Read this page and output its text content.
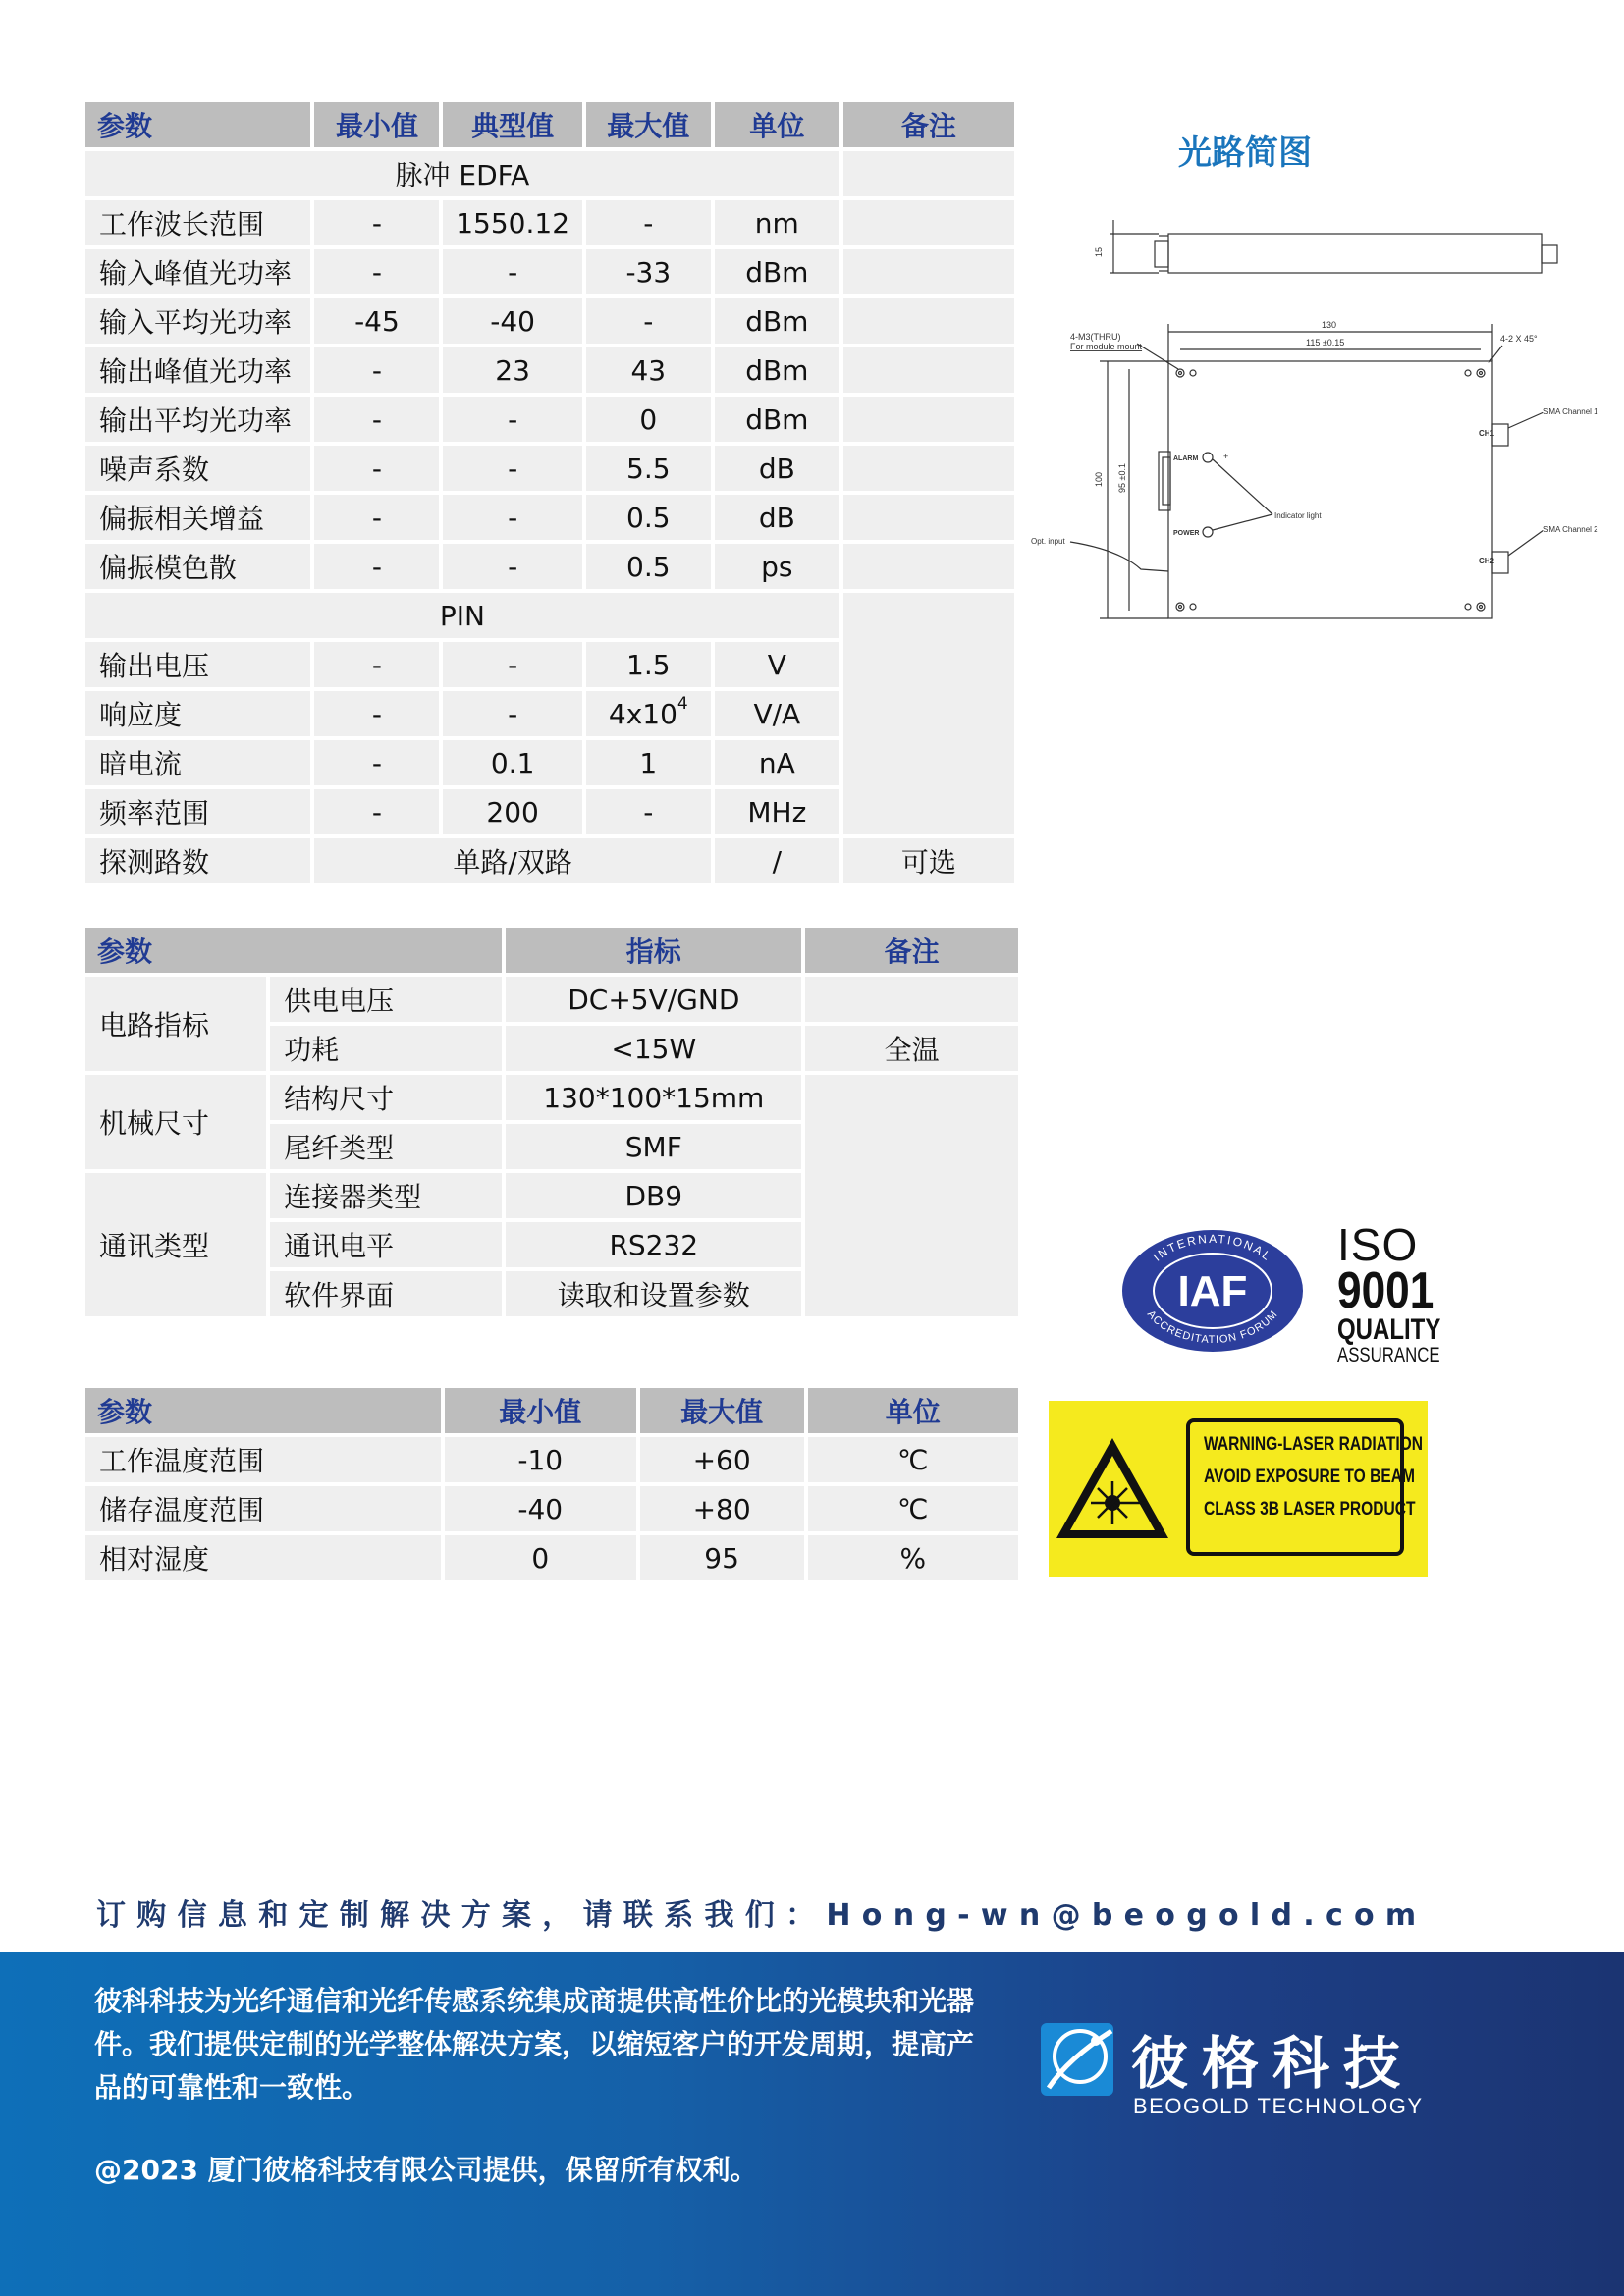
参数	最小值	典型值	最大值	单位	备注
脉冲 EDFA					
工作波长范围	-	1550.12	-	nm	
输入峰值光功率	-	-	-33	dBm	
输入平均光功率	-45	-40	-	dBm	
输出峰值光功率	-	23	43	dBm	
输出平均光功率	-	-	0	dBm	
噪声系数	-	-	5.5	dB	
偏振相关增益	-	-	0.5	dB	
偏振模色散	-	-	0.5	ps	
PIN					
输出电压	-	-	1.5	V	
响应度	-	-	$4x10^4$	V/A	
暗电流	-	0.1	1	nA	
频率范围	-	200	-	MHz	
探测路数	单路/双路			/	可选
参数		指标	备注
电路指标	供电电压	DC+5V/GND	
	功耗	<15W	全温
机械尺寸	结构尺寸	130*100*15mm	
	尾纤类型	SMF	
通讯类型	连接器类型	DB9	
	通讯电平	RS232	
	软件界面	读取和设置参数	
参数	最小值	最大值	单位
工作温度范围	-10	+60	℃
储存温度范围	-40	+80	℃
相对湿度	0	95	%
光路简图
15
130
115 ±0.15
4-M3(THRU)
For module mount
4-2 X 45°
100 95 ±0.1
ALARM	+
POWER
Indicator light
Opt. input
CH1
SMA Channel 1
CH2
SMA Channel 2
INTERNATIONAL
ACCREDITATION FORUM
IAF
ISO
9001
QUALITY
ASSURANCE
WARNING-LASER RADIATION
AVOID EXPOSURE TO BEAM
CLASS 3B LASER PRODUCT
订购信息和定制解决方案，请联系我们：Hong-wn@beogold.com
彼科科技为光纤通信和光纤传感系统集成商提供高性价比的光模块和光器件。我们提供定制的光学整体解决方案，以缩短客户的开发周期，提高产品的可靠性和一致性。
@2023 厦门彼格科技有限公司提供，保留所有权利。
彼格科技
BEOGOLD TECHNOLOGY
